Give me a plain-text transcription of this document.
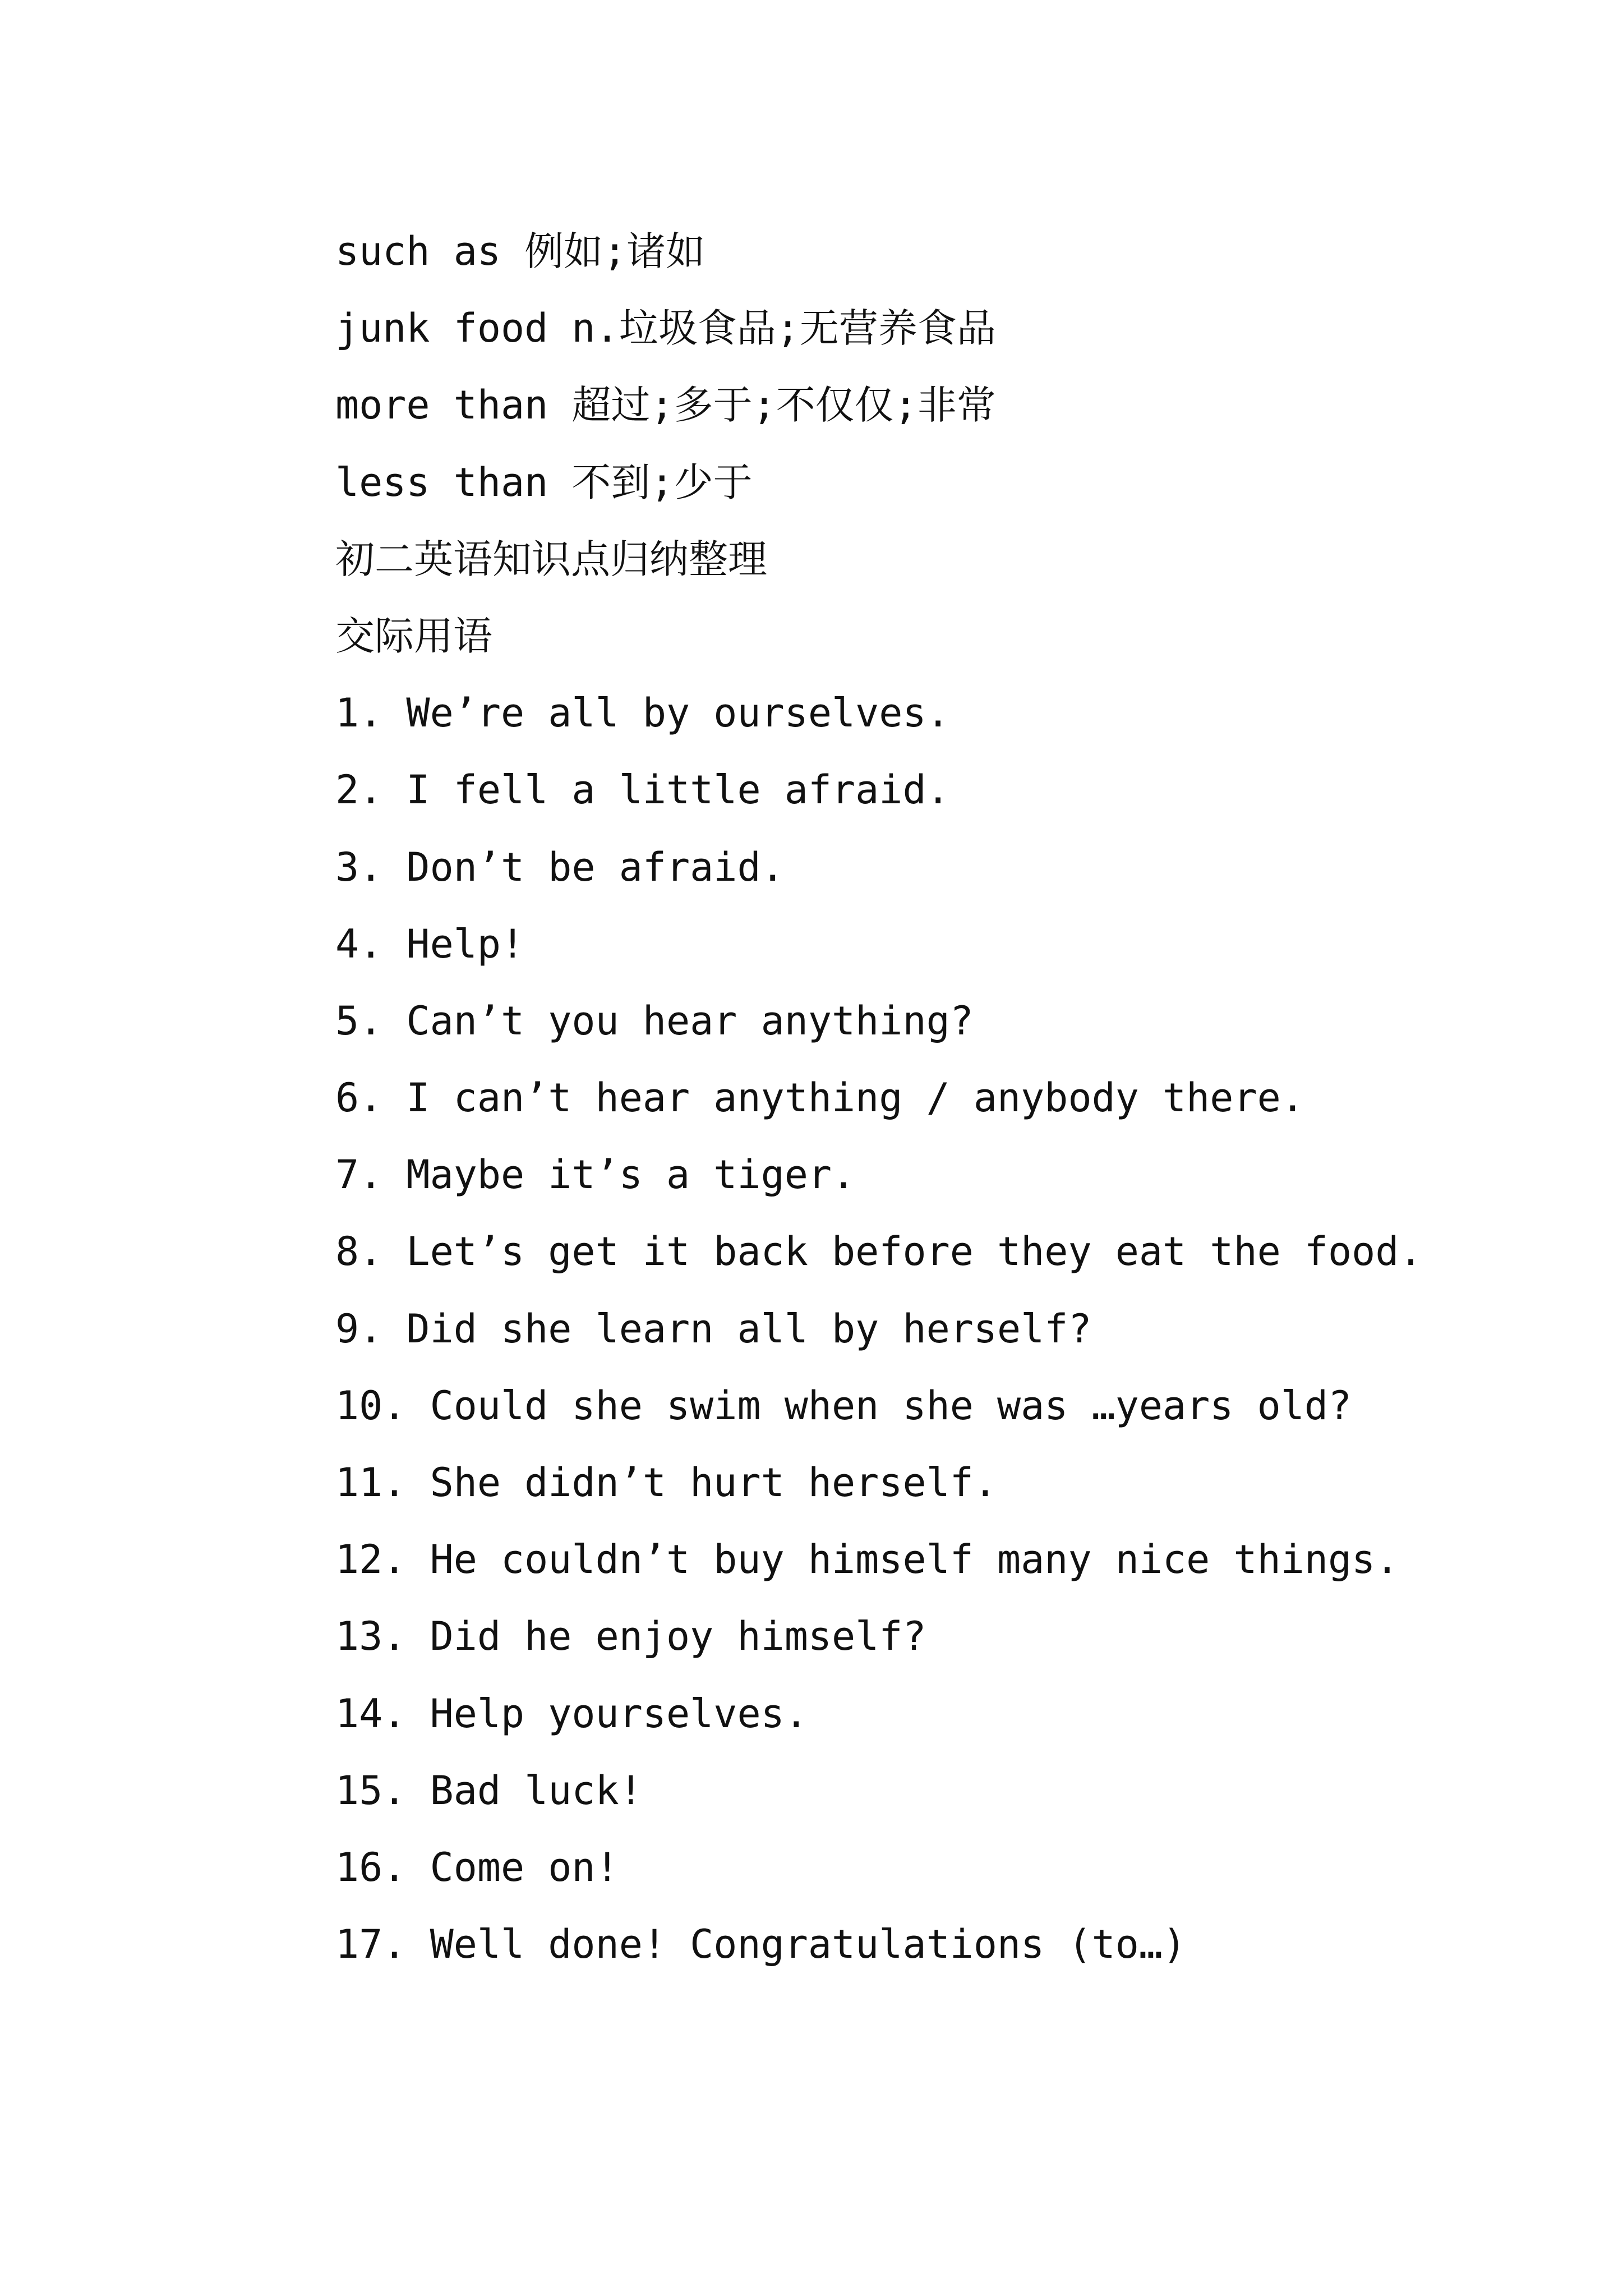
such as 例如;诸如
junk food n.垃圾食品;无营养食品
more than 超过;多于;不仅仅;非常
less than 不到;少于
初二英语知识点归纳整理
交际用语
1. We’re all by ourselves.
2. I fell a little afraid.
3. Don’t be afraid.
4. Help!
5. Can’t you hear anything?
6. I can’t hear anything / anybody there.
7. Maybe it’s a tiger.
8. Let’s get it back before they eat the food.
9. Did she learn all by herself?
10. Could she swim when she was …years old?
11. She didn’t hurt herself.
12. He couldn’t buy himself many nice things.
13. Did he enjoy himself?
14. Help yourselves.
15. Bad luck!
16. Come on!
17. Well done! Congratulations (to…)
